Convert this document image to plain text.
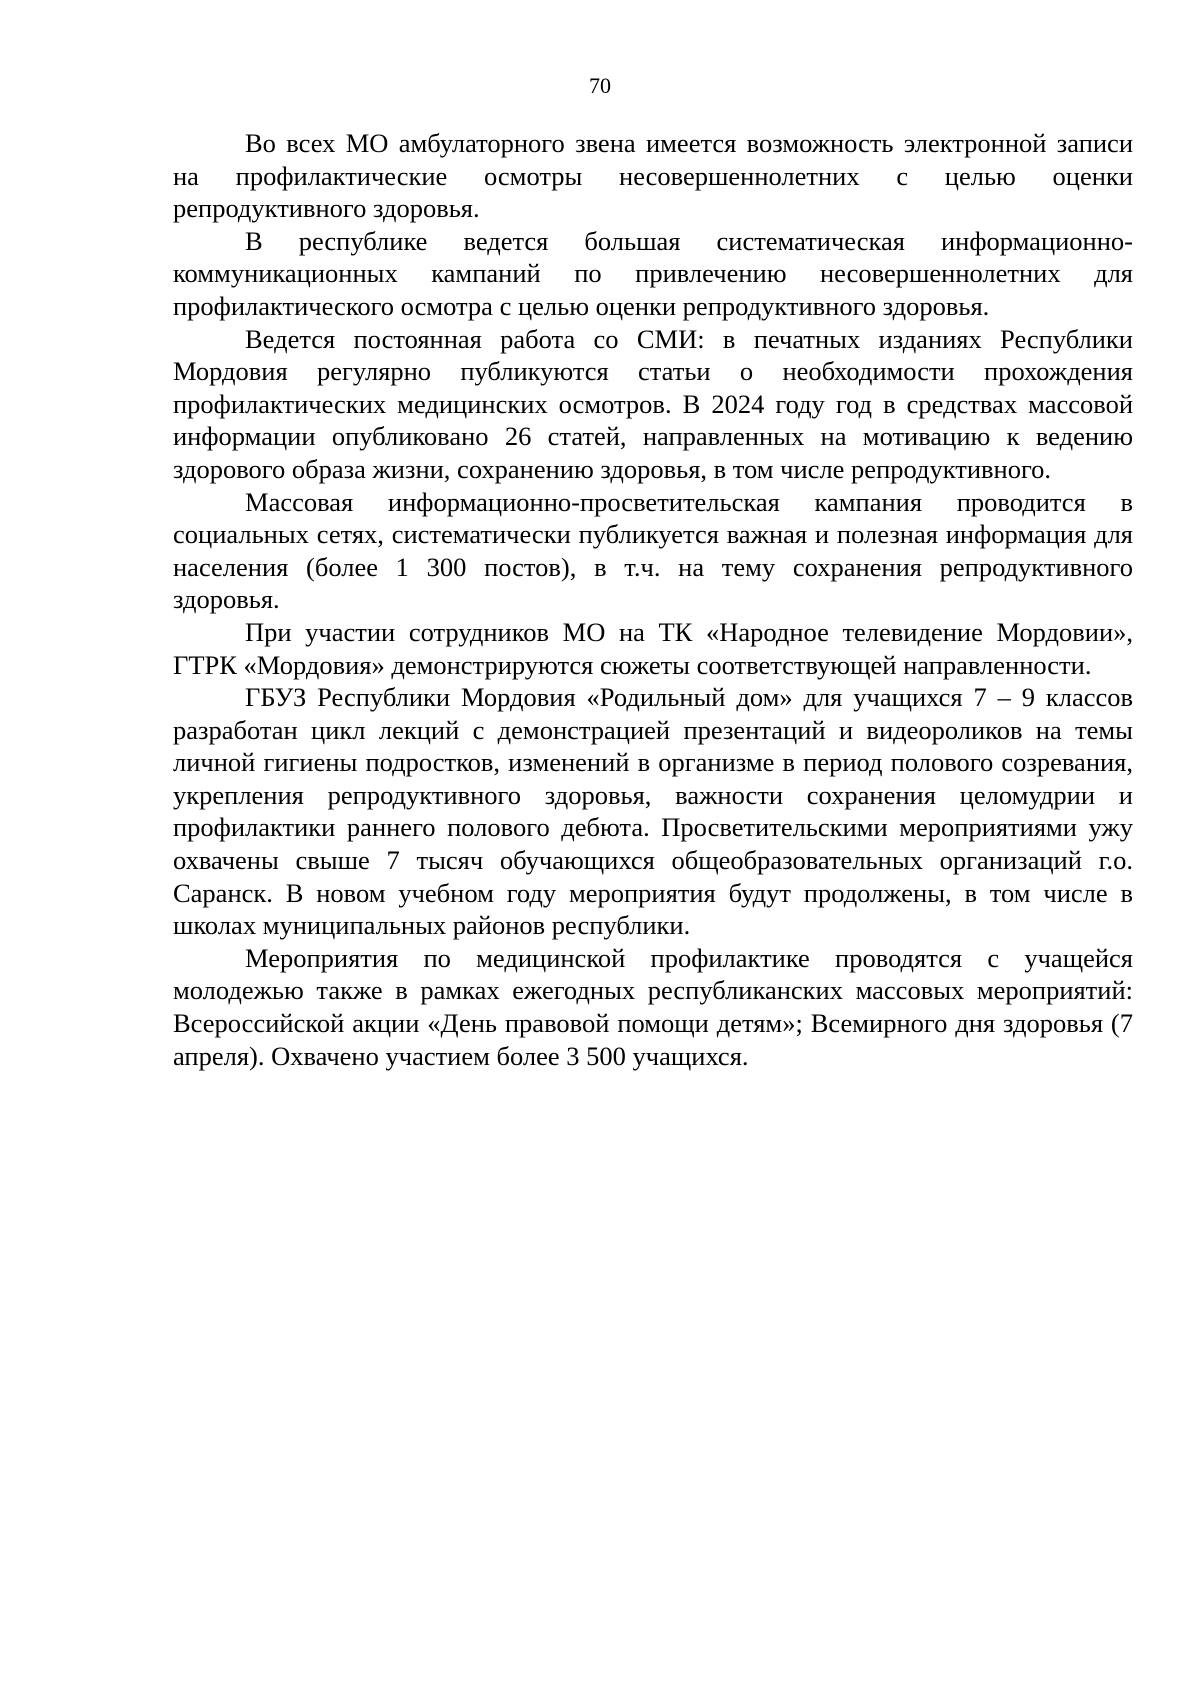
70

Во всех МО амбулаторного звена имеется возможность электронной записи на профилактические осмотры несовершеннолетних с целью оценки репродуктивного здоровья.

В республике ведется большая систематическая информационно-коммуникационных кампаний по привлечению несовершеннолетних для профилактического осмотра с целью оценки репродуктивного здоровья.

Ведется постоянная работа со СМИ: в печатных изданиях Республики Мордовия регулярно публикуются статьи о необходимости прохождения профилактических медицинских осмотров. В 2024 году год в средствах массовой информации опубликовано 26 статей, направленных на мотивацию к ведению здорового образа жизни, сохранению здоровья, в том числе репродуктивного.

Массовая информационно-просветительская кампания проводится в социальных сетях, систематически публикуется важная и полезная информация для населения (более 1 300 постов), в т.ч. на тему сохранения репродуктивного здоровья.

При участии сотрудников МО на ТК «Народное телевидение Мордовии», ГТРК «Мордовия» демонстрируются сюжеты соответствующей направленности.

ГБУЗ Республики Мордовия «Родильный дом» для учащихся 7 – 9 классов разработан цикл лекций с демонстрацией презентаций и видеороликов на темы личной гигиены подростков, изменений в организме в период полового созревания, укрепления репродуктивного здоровья, важности сохранения целомудрии и профилактики раннего полового дебюта. Просветительскими мероприятиями ужу охвачены свыше 7 тысяч обучающихся общеобразовательных организаций г.о. Саранск. В новом учебном году мероприятия будут продолжены, в том числе в школах муниципальных районов республики.

Мероприятия по медицинской профилактике проводятся с учащейся молодежью также в рамках ежегодных республиканских массовых мероприятий: Всероссийской акции «День правовой помощи детям»; Всемирного дня здоровья (7 апреля). Охвачено участием более 3 500 учащихся.
